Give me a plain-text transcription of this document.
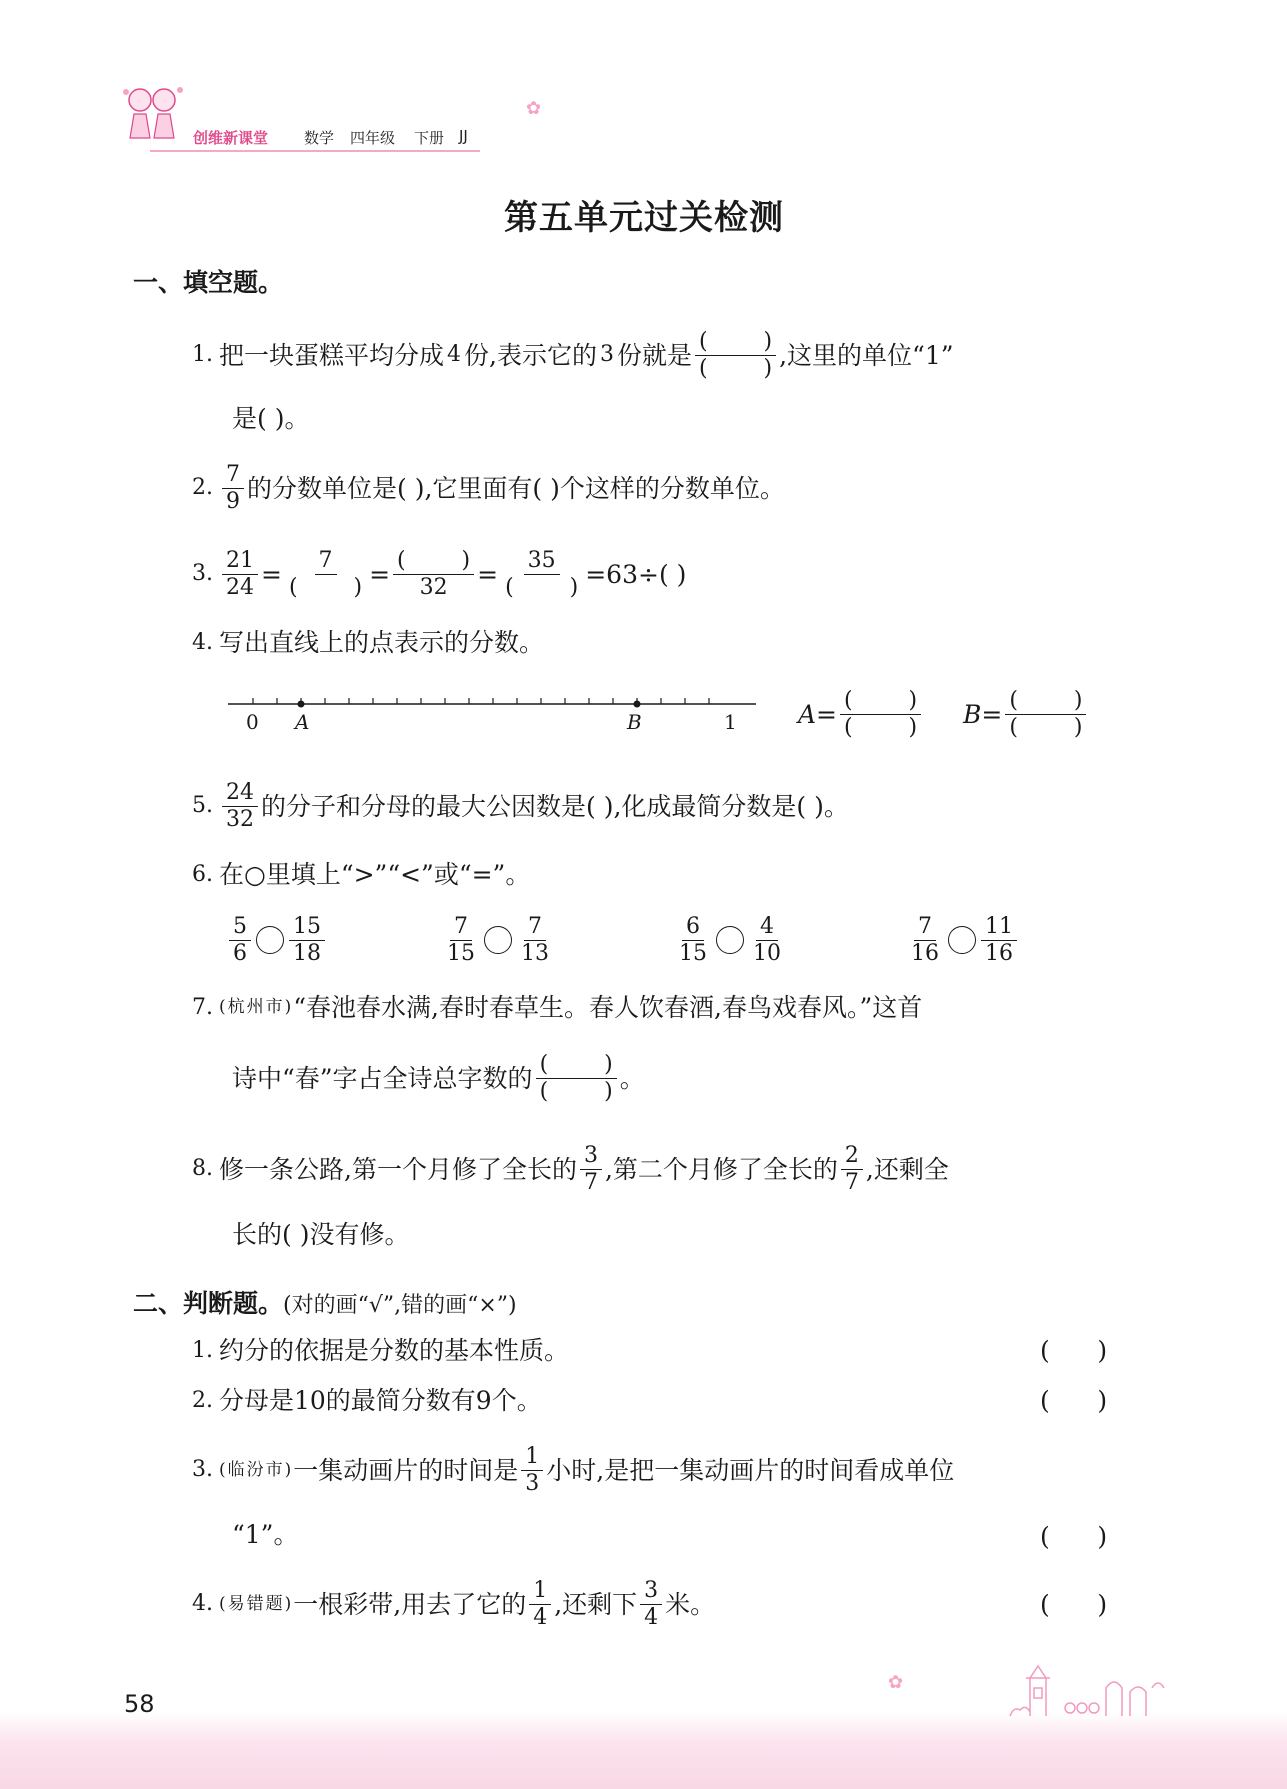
创维新课堂 数学 四年级 下册 JJ
✿
第五单元过关检测
一、填空题。
1. 把一块蛋糕平均分成 4 份,表示它的 3 份就是 $\frac{( )}{( )}$ ,这里的单位“1”
是( )。
2. $\frac{7}{9}$ 的分数单位是( ),它里面有( )个这样的分数单位。
3. $\frac{21}{24} = \frac{7}{( )} = \frac{( )}{32} = \frac{35}{( )} =63\div$( )
4. 写出直线上的点表示的分数。
0 A	B	1 $A= \frac{( )}{( )} B= \frac{( )}{( )}$
5. $\frac{24}{32}$ 的分子和分母的最大公因数是( ),化成最简分数是( )。
6. 在○里填上“>”“<”或“=”。
$\frac{5}{6} \frac{15}{18}$	$\frac{7}{15} \frac{7}{13}$	$\frac{6}{15} \frac{4}{10}$	$\frac{7}{16} \frac{11}{16}$
7. (杭州市) “春池春水满,春时春草生。春人饮春酒,春鸟戏春风。”这首
诗中“春”字占全诗总字数的 $\frac{( )}{( )}$ 。
8. 修一条公路,第一个月修了全长的 $\frac{3}{7}$ ,第二个月修了全长的 $\frac{2}{7}$ ,还剩全
长的( )没有修。
二、判断题。(对的画“√”,错的画“×”)
1. 约分的依据是分数的基本性质。	(      )
2. 分母是10的最简分数有9个。	(      )
3. (临汾市) 一集动画片的时间是 $\frac{1}{3}$ 小时,是把一集动画片的时间看成单位
“1”。	(      )
4. (易错题) 一根彩带,用去了它的 $\frac{1}{4}$ ,还剩下 $\frac{3}{4}$ 米。	(      )
✿
58
